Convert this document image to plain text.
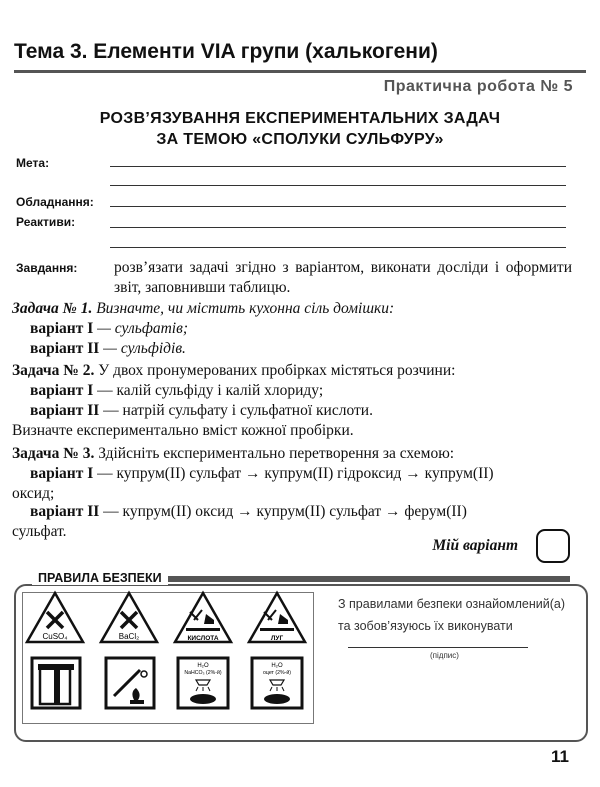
Тема 3. Елементи VIA групи (халькогени)
Практична робота № 5
РОЗВ’ЯЗУВАННЯ ЕКСПЕРИМЕНТАЛЬНИХ ЗАДАЧ
ЗА ТЕМОЮ «СПОЛУКИ СУЛЬФУРУ»
Мета:
Обладнання:
Реактиви:
Завдання: розв’язати задачі згідно з варіантом, виконати досліди і оформити звіт, заповнивши таблицю.
Задача № 1. Визначте, чи містить кухонна сіль домішки:
варіант І — сульфатів;
варіант ІІ — сульфідів.
Задача № 2. У двох пронумерованих пробірках містяться розчини:
варіант І — калій сульфіду і калій хлориду;
варіант ІІ — натрій сульфату і сульфатної кислоти.
Визначте експериментально вміст кожної пробірки.
Задача № 3. Здійсніть експериментально перетворення за схемою:
варіант І — купрум(ІІ) сульфат → купрум(ІІ) гідроксид → купрум(ІІ)
оксид;
варіант ІІ — купрум(ІІ) оксид → купрум(ІІ) сульфат → ферум(ІІ)
сульфат.
Мій варіант
ПРАВИЛА БЕЗПЕКИ
CuSO₄	BaCl₂	КИСЛОТА	ЛУГ
H₂O
NaHCO₃ (2%-й)
H₂O
оцет (2%-й)
З правилами безпеки ознайомлений(а)
та зобов’язуюсь їх виконувати
(підпис)
11
